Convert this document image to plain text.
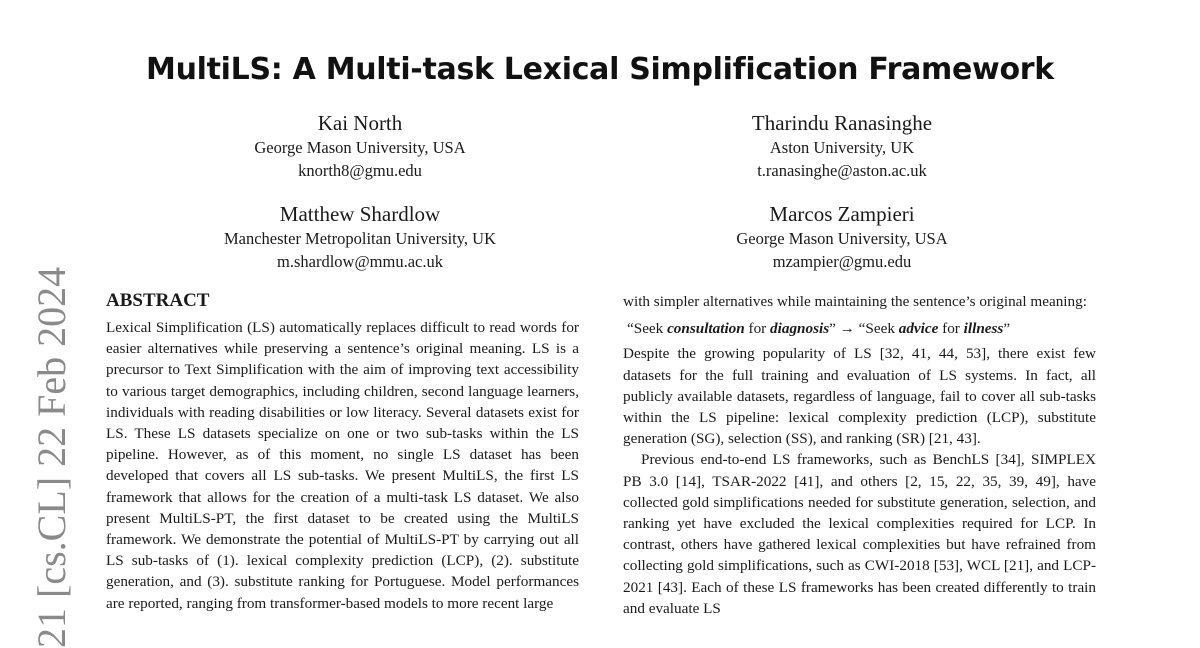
MultiLS: A Multi-task Lexical Simplification Framework
Kai North
George Mason University, USA
knorth8@gmu.edu
Tharindu Ranasinghe
Aston University, UK
t.ranasinghe@aston.ac.uk
Matthew Shardlow
Manchester Metropolitan University, UK
m.shardlow@mmu.ac.uk
Marcos Zampieri
George Mason University, USA
mzampier@gmu.edu
21 [cs.CL] 22 Feb 2024	ABSTRACT

Lexical Simplification (LS) automatically replaces difficult to read words for easier alternatives while preserving a sentence’s original meaning. LS is a precursor to Text Simplification with the aim of improving text accessibility to various target demographics, including children, second language learners, individuals with reading disabilities or low literacy. Several datasets exist for LS. These LS datasets specialize on one or two sub-tasks within the LS pipeline. However, as of this moment, no single LS dataset has been developed that covers all LS sub-tasks. We present MultiLS, the first LS framework that allows for the creation of a multi-task LS dataset. We also present MultiLS-PT, the first dataset to be created using the MultiLS framework. We demonstrate the potential of MultiLS-PT by carrying out all LS sub-tasks of (1). lexical complexity prediction (LCP), (2). substitute generation, and (3). substitute ranking for Portuguese. Model performances are reported, ranging from transformer-based models to more recent large

with simpler alternatives while maintaining the sentence’s original meaning:

“Seek consultation for diagnosis” → “Seek advice for illness”

Despite the growing popularity of LS [32, 41, 44, 53], there exist few datasets for the full training and evaluation of LS systems. In fact, all publicly available datasets, regardless of language, fail to cover all sub-tasks within the LS pipeline: lexical complexity prediction (LCP), substitute generation (SG), selection (SS), and ranking (SR) [21, 43].

Previous end-to-end LS frameworks, such as BenchLS [34], SIMPLEX PB 3.0 [14], TSAR-2022 [41], and others [2, 15, 22, 35, 39, 49], have collected gold simplifications needed for substitute generation, selection, and ranking yet have excluded the lexical complexities required for LCP. In contrast, others have gathered lexical complexities but have refrained from collecting gold simplifications, such as CWI-2018 [53], WCL [21], and LCP-2021 [43]. Each of these LS frameworks has been created differently to train and evaluate LS
